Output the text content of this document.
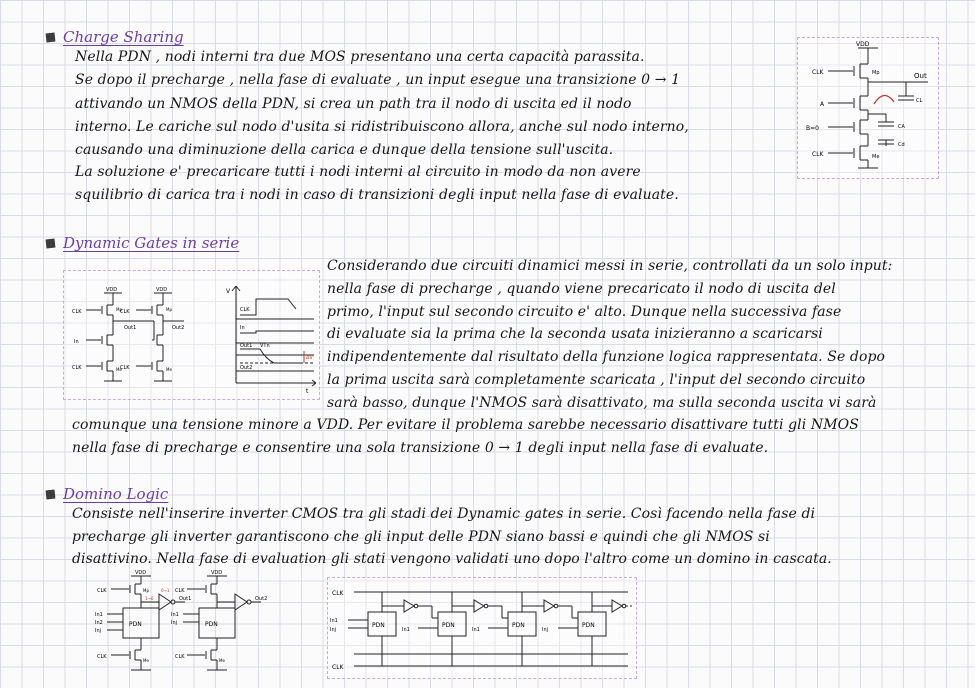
Charge Sharing
Nella PDN , nodi interni tra due MOS presentano una certa capacità parassita.
Se dopo il precharge , nella fase di evaluate , un input esegue una transizione 0 → 1
attivando un NMOS della PDN, si crea un path tra il nodo di uscita ed il nodo
interno. Le cariche sul nodo d'usita si ridistribuiscono allora, anche sul nodo interno,
causando una diminuzione della carica e dunque della tensione sull'uscita.
La soluzione e' precaricare tutti i nodi interni al circuito in modo da non avere
squilibrio di carica tra i nodi in caso di transizioni degli input nella fase di evaluate.
VDD
CLK	Mp	Out
A
B=0
CL
CA
Cd
CLK	Me
Dynamic Gates in serie
VDD	VDD
CLK	CLK
Mp	Mp
Out1	Out2
In
CLK	CLK
Me	Me
V
CLK
In
Out1 VTn
Out2
ΔV
t
Considerando due circuiti dinamici messi in serie, controllati da un solo input:
nella fase di precharge , quando viene precaricato il nodo di uscita del
primo, l'input sul secondo circuito e' alto. Dunque nella successiva fase
di evaluate sia la prima che la seconda usata inizieranno a scaricarsi
indipendentemente dal risultato della funzione logica rappresentata. Se dopo
la prima uscita sarà completamente scaricata , l'input del secondo circuito
sarà basso, dunque l'NMOS sarà disattivato, ma sulla seconda uscita vi sarà
comunque una tensione minore a VDD. Per evitare il problema sarebbe necessario disattivare tutti gli NMOS
nella fase di precharge e consentire una sola transizione 0 → 1 degli input nella fase di evaluate.
Domino Logic
Consiste nell'inserire inverter CMOS tra gli stadi dei Dynamic gates in serie. Così facendo nella fase di
precharge gli inverter garantiscono che gli input delle PDN siano bassi e quindi che gli NMOS si
disattivino. Nella fase di evaluation gli stati vengono validati uno dopo l'altro come un domino in cascata.
VDD	VDD
CLK	CLK
Mp
1→0
0→1
PDN	PDN
Out1	Out2
In1
In2
Inj
In1
Inj
CLK	CLK
Me	Me
CLK
CLK
PDN	PDN	PDN	PDN
In1
Inj	In1	In1	Inj
